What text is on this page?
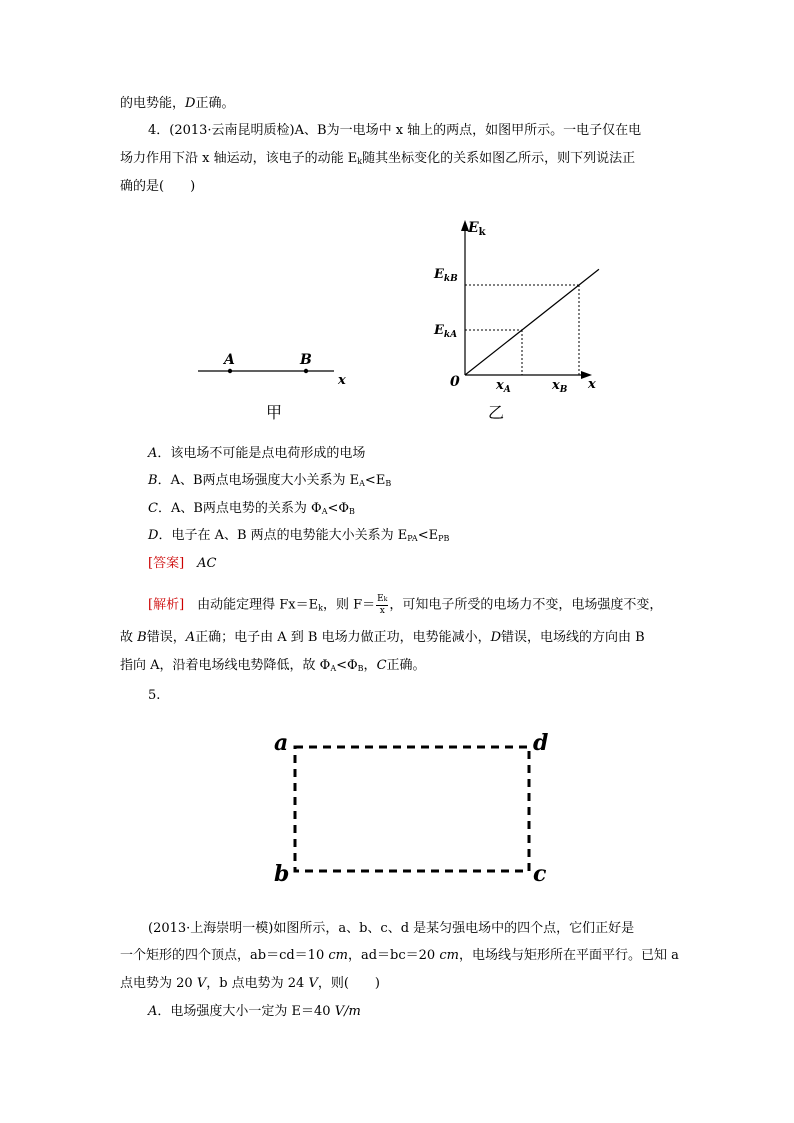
的电势能，D正确。
4．(2013·云南昆明质检)A、B为一电场中 x 轴上的两点，如图甲所示。一电子仅在电
场力作用下沿 x 轴运动，该电子的动能 $E_k$随其坐标变化的关系如图乙所示，则下列说法正
确的是(　　)
A	B
x
甲
$E_k$
$E_{kB}$
$E_{kA}$
0	$x_A$	$x_B$ x
乙
A．该电场不可能是点电荷形成的电场
B．A、B两点电场强度大小关系为 $E_A<E_B$
C．A、B两点电势的关系为 $\Phi_A<\Phi_B$
D．电子在 A、B 两点的电势能大小关系为 $E_{PA}<E_{PB}$
[答案]　 AC
[解析]　由动能定理得 $Fx=E_k$，则 $F= \frac{Ek}{x}$ ，可知电子所受的电场力不变，电场强度不变，
故 B错误，A正确；电子由 A 到 B 电场力做正功，电势能减小，D错误，电场线的方向由 B
指向 A，沿着电场线电势降低，故 $\Phi_A<\Phi_B$，C正确。
5.
a	d
b	c
(2013·上海崇明一模)如图所示，a、b、c、d 是某匀强电场中的四个点，它们正好是
一个矩形的四个顶点，ab＝cd＝10 cm，ad＝bc＝20 cm，电场线与矩形所在平面平行。已知 a
点电势为 20 V，b 点电势为 24 V，则(　　)
A．电场强度大小一定为 E＝40 V/m
